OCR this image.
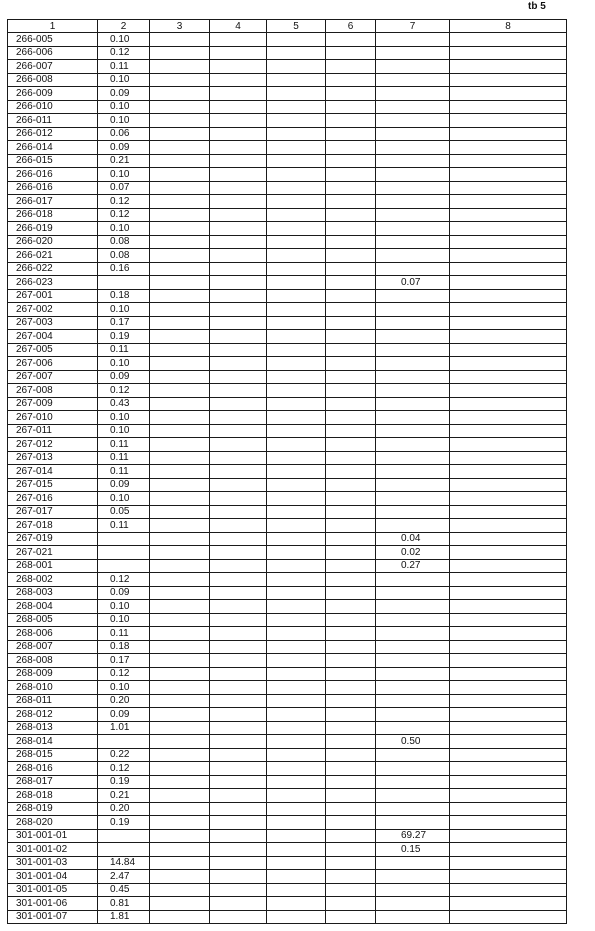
tb 5
1	2	3	4	5	6	7	8
266-005	0.10						
266-006	0.12						
266-007	0.11						
266-008	0.10						
266-009	0.09						
266-010	0.10						
266-011	0.10						
266-012	0.06						
266-014	0.09						
266-015	0.21						
266-016	0.10						
266-016	0.07						
266-017	0.12						
266-018	0.12						
266-019	0.10						
266-020	0.08						
266-021	0.08						
266-022	0.16						
266-023						0.07	
267-001	0.18						
267-002	0.10						
267-003	0.17						
267-004	0.19						
267-005	0.11						
267-006	0.10						
267-007	0.09						
267-008	0.12						
267-009	0.43						
267-010	0.10						
267-011	0.10						
267-012	0.11						
267-013	0.11						
267-014	0.11						
267-015	0.09						
267-016	0.10						
267-017	0.05						
267-018	0.11						
267-019						0.04	
267-021						0.02	
268-001						0.27	
268-002	0.12						
268-003	0.09						
268-004	0.10						
268-005	0.10						
268-006	0.11						
268-007	0.18						
268-008	0.17						
268-009	0.12						
268-010	0.10						
268-011	0.20						
268-012	0.09						
268-013	1.01						
268-014						0.50	
268-015	0.22						
268-016	0.12						
268-017	0.19						
268-018	0.21						
268-019	0.20						
268-020	0.19						
301-001-01						69.27	
301-001-02						0.15	
301-001-03	14.84						
301-001-04	2.47						
301-001-05	0.45						
301-001-06	0.81						
301-001-07	1.81						
